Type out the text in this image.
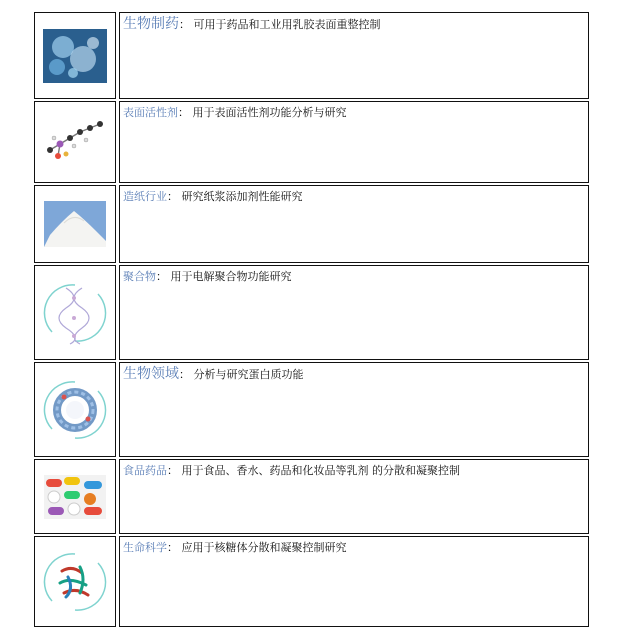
生物制药： 可用于药品和工业用乳胶表面重整控制
表面活性剂： 用于表面活性剂功能分析与研究
造纸行业： 研究纸浆添加剂性能研究
聚合物： 用于电解聚合物功能研究
生物领域： 分析与研究蛋白质功能
食品药品： 用于食品、香水、药品和化妆品等乳剂 的分散和凝聚控制
生命科学： 应用于核糖体分散和凝聚控制研究
